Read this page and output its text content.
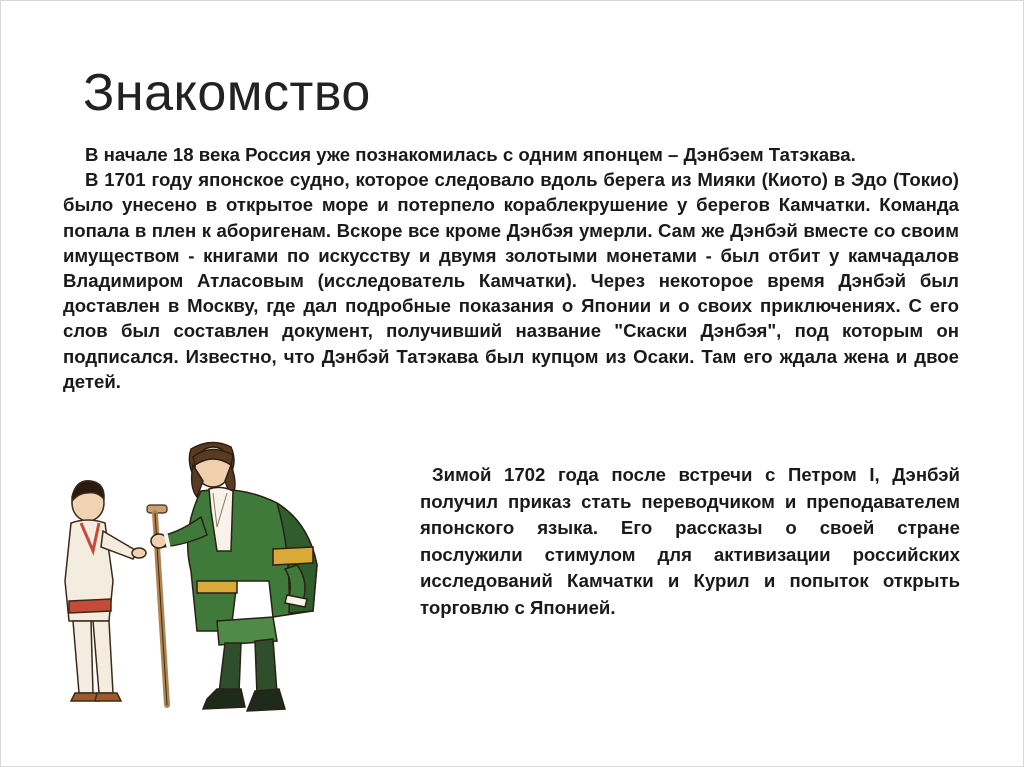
Знакомство

В начале 18 века Россия уже познакомилась с одним японцем – Дэнбэем Татэкава.

В 1701 году японское судно, которое следовало вдоль берега из Мияки (Киото) в Эдо (Токио) было унесено в открытое море и потерпело кораблекрушение у берегов Камчатки. Команда попала в плен к аборигенам. Вскоре все кроме Дэнбэя умерли. Сам же Дэнбэй вместе со своим имуществом - книгами по искусству и двумя золотыми монетами - был отбит у камчадалов Владимиром Атласовым (исследователь Камчатки). Через некоторое время Дэнбэй был доставлен в Москву, где дал подробные показания о Японии и о своих приключениях. С его слов был составлен документ, получивший название "Скаски Дэнбэя", под которым он подписался. Известно, что Дэнбэй Татэкава был купцом из Осаки. Там его ждала жена и двое детей.

Зимой 1702 года после встречи с Петром I, Дэнбэй получил приказ стать переводчиком и преподавателем японского языка. Его рассказы о своей стране послужили стимулом для активизации российских исследований Камчатки и Курил и попыток открыть торговлю с Японией.
